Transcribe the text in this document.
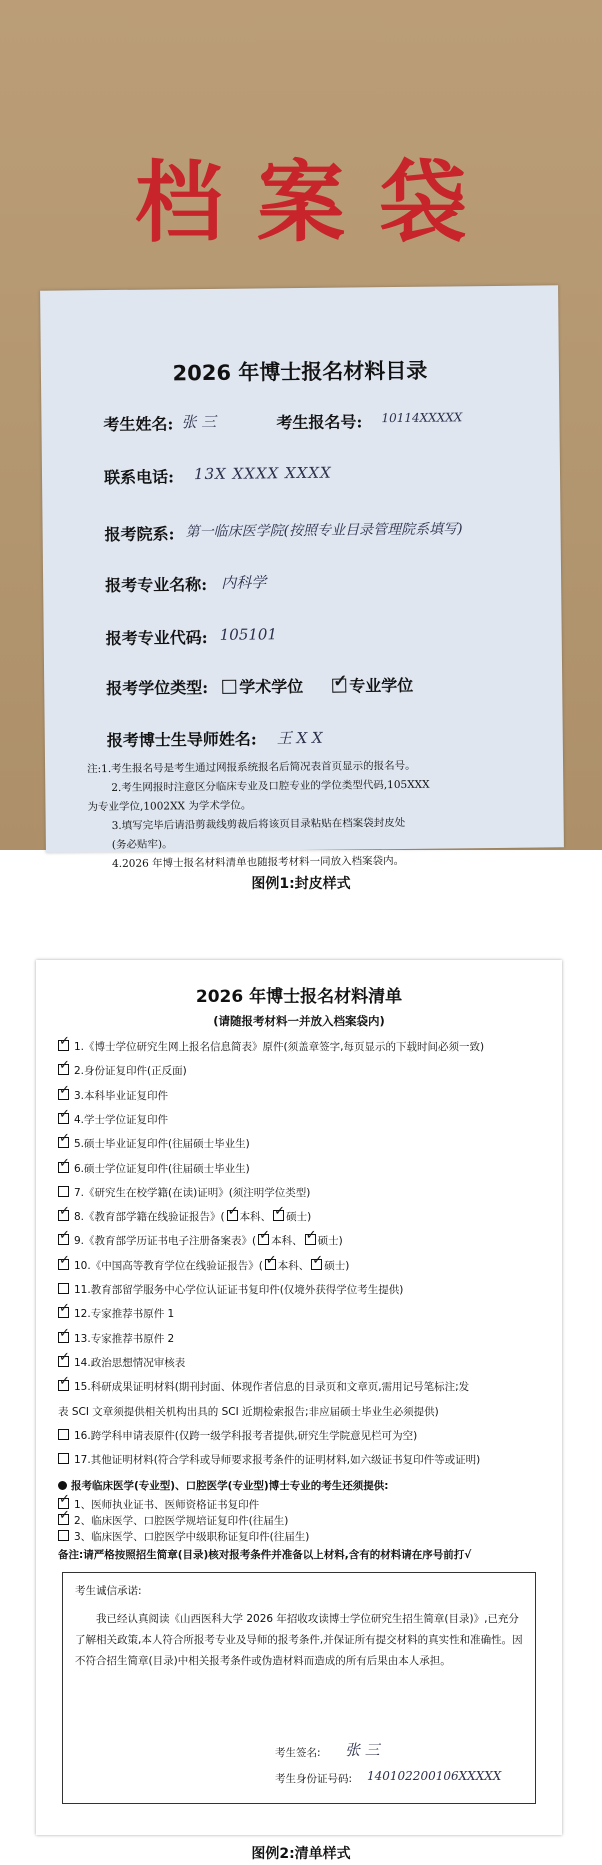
档案袋
2026 年博士报名材料目录
考生姓名: 张 三	考生报名号: 10114XXXXX
联系电话: 13X XXXX XXXX
报考院系: 第一临床医学院(按照专业目录管理院系填写)
报考专业名称: 内科学
报考专业代码: 105101
报考学位类型:	学术学位 ✓	专业学位
报考博士生导师姓名: 王 X X

注:1.考生报名号是考生通过网报系统报名后简况表首页显示的报名号。

2.考生网报时注意区分临床专业及口腔专业的学位类型代码,105XXX

为专业学位,1002XX 为学术学位。

3.填写完毕后请沿剪裁线剪裁后将该页目录粘贴在档案袋封皮处

(务必贴牢)。

4.2026 年博士报名材料清单也随报考材料一同放入档案袋内。

图例1:封皮样式
2026 年博士报名材料清单
(请随报考材料一并放入档案袋内)
✓1.《博士学位研究生网上报名信息简表》原件(须盖章签字,每页显示的下载时间必须一致)
✓2.身份证复印件(正反面)
✓3.本科毕业证复印件
✓4.学士学位证复印件
✓5.硕士毕业证复印件(往届硕士毕业生)
✓6.硕士学位证复印件(往届硕士毕业生)
7.《研究生在校学籍(在读)证明》(须注明学位类型)
✓8.《教育部学籍在线验证报告》( ✓ 本科、 ✓ 硕士)
✓9.《教育部学历证书电子注册备案表》( ✓ 本科、 ✓ 硕士)
✓10.《中国高等教育学位在线验证报告》( ✓ 本科、 ✓ 硕士)
11.教育部留学服务中心学位认证证书复印件(仅境外获得学位考生提供)
✓12.专家推荐书原件 1
✓13.专家推荐书原件 2
✓14.政治思想情况审核表
✓15.科研成果证明材料(期刊封面、体现作者信息的目录页和文章页,需用记号笔标注;发
表 SCI 文章须提供相关机构出具的 SCI 近期检索报告;非应届硕士毕业生必须提供)
16.跨学科申请表原件(仅跨一级学科报考者提供,研究生学院意见栏可为空)
17.其他证明材料(符合学科或导师要求报考条件的证明材料,如六级证书复印件等或证明)
报考临床医学(专业型)、口腔医学(专业型)博士专业的考生还须提供:
✓1、医师执业证书、医师资格证书复印件
✓2、临床医学、口腔医学规培证复印件(往届生)
3、临床医学、口腔医学中级职称证复印件(往届生)
备注:请严格按照招生简章(目录)核对报考条件并准备以上材料,含有的材料请在序号前打√
考生诚信承诺:
我已经认真阅读《山西医科大学 2026 年招收攻读博士学位研究生招生简章(目录)》,已充分了解相关政策,本人符合所报考专业及导师的报考条件,并保证所有提交材料的真实性和准确性。因不符合招生简章(目录)中相关报考条件或伪造材料而造成的所有后果由本人承担。
考生签名: 张 三
考生身份证号码: 140102200106XXXXX
图例2:清单样式
